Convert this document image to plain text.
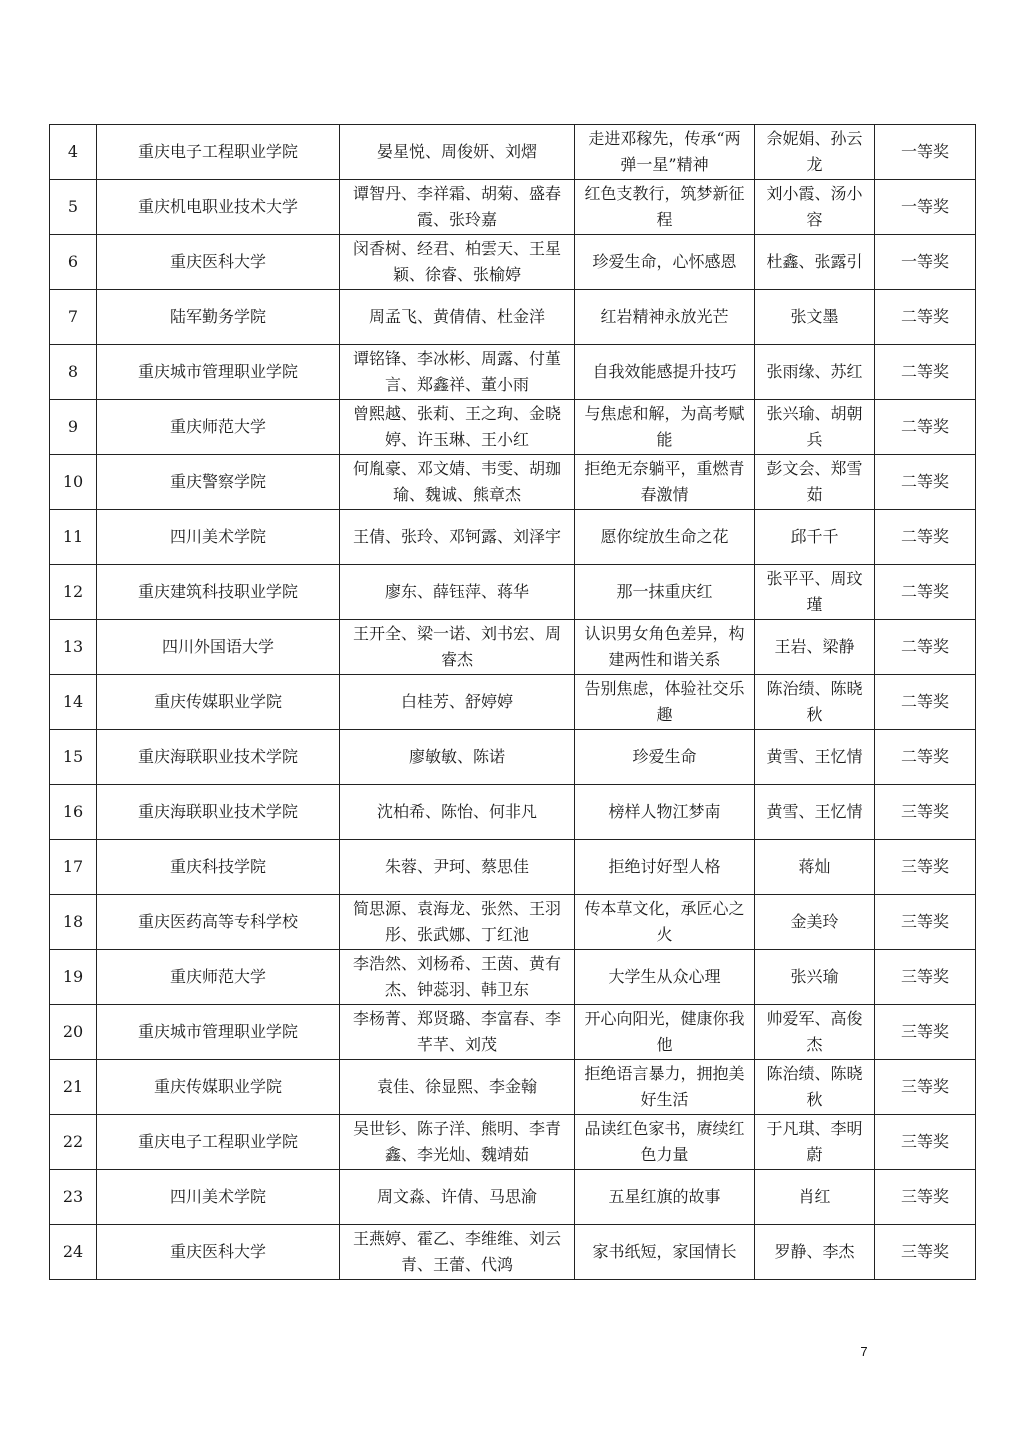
4	重庆电子工程职业学院	晏星悦、周俊妍、刘熠	走进邓稼先，传承“两弹一星”精神	佘妮娟、孙云龙	一等奖
5	重庆机电职业技术大学	谭智丹、李祥霜、胡菊、盛春霞、张玲嘉	红色支教行，筑梦新征程	刘小霞、汤小容	一等奖
6	重庆医科大学	闵香树、经君、柏雲天、王星颖、徐睿、张榆婷	珍爱生命，心怀感恩	杜鑫、张露引	一等奖
7	陆军勤务学院	周孟飞、黄倩倩、杜金洋	红岩精神永放光芒	张文墨	二等奖
8	重庆城市管理职业学院	谭铭锋、李冰彬、周露、付堇言、郑鑫祥、董小雨	自我效能感提升技巧	张雨缘、苏红	二等奖
9	重庆师范大学	曾熙越、张莉、王之珣、金晓婷、许玉琳、王小红	与焦虑和解，为高考赋能	张兴瑜、胡朝兵	二等奖
10	重庆警察学院	何胤豪、邓文婧、韦雯、胡珈瑜、魏诚、熊章杰	拒绝无奈躺平，重燃青春激情	彭文会、郑雪茹	二等奖
11	四川美术学院	王倩、张玲、邓钶露、刘泽宇	愿你绽放生命之花	邱千千	二等奖
12	重庆建筑科技职业学院	廖东、薛钰萍、蒋华	那一抹重庆红	张平平、周玟瑾	二等奖
13	四川外国语大学	王开全、梁一诺、刘书宏、周睿杰	认识男女角色差异，构建两性和谐关系	王岩、梁静	二等奖
14	重庆传媒职业学院	白桂芳、舒婷婷	告别焦虑，体验社交乐趣	陈治绩、陈晓秋	二等奖
15	重庆海联职业技术学院	廖敏敏、陈诺	珍爱生命	黄雪、王忆情	二等奖
16	重庆海联职业技术学院	沈柏希、陈怡、何非凡	榜样人物江梦南	黄雪、王忆情	三等奖
17	重庆科技学院	朱蓉、尹珂、蔡思佳	拒绝讨好型人格	蒋灿	三等奖
18	重庆医药高等专科学校	简思源、袁海龙、张然、王羽彤、张武娜、丁红池	传本草文化，承匠心之火	金美玲	三等奖
19	重庆师范大学	李浩然、刘杨希、王茵、黄有杰、钟蕊羽、韩卫东	大学生从众心理	张兴瑜	三等奖
20	重庆城市管理职业学院	李杨菁、郑贤璐、李富春、李芊芊、刘茂	开心向阳光，健康你我他	帅爱军、高俊杰	三等奖
21	重庆传媒职业学院	袁佳、徐显熙、李金翰	拒绝语言暴力，拥抱美好生活	陈治绩、陈晓秋	三等奖
22	重庆电子工程职业学院	吴世钐、陈子洋、熊明、李青鑫、李光灿、魏靖茹	品读红色家书，赓续红色力量	于凡琪、李明蔚	三等奖
23	四川美术学院	周文淼、许倩、马思渝	五星红旗的故事	肖红	三等奖
24	重庆医科大学	王燕婷、霍乙、李维维、刘云青、王蕾、代鸿	家书纸短，家国情长	罗静、李杰	三等奖
7
